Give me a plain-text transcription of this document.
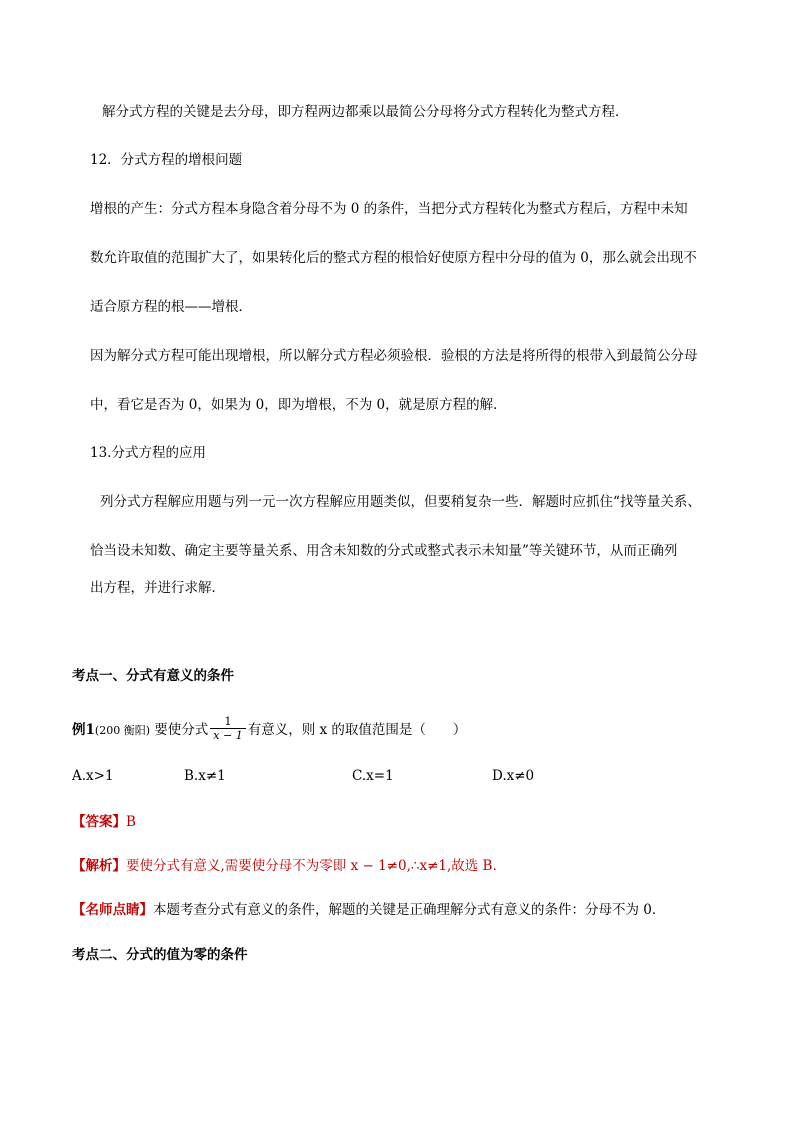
解分式方程的关键是去分母，即方程两边都乘以最简公分母将分式方程转化为整式方程．
12．分式方程的增根问题
增根的产生：分式方程本身隐含着分母不为 0 的条件，当把分式方程转化为整式方程后，方程中未知
数允许取值的范围扩大了，如果转化后的整式方程的根恰好使原方程中分母的值为 0，那么就会出现不
适合原方程的根——增根．
因为解分式方程可能出现增根，所以解分式方程必须验根．验根的方法是将所得的根带入到最简公分母
中，看它是否为 0，如果为 0，即为增根，不为 0，就是原方程的解．
13.分式方程的应用
列分式方程解应用题与列一元一次方程解应用题类似，但要稍复杂一些．解题时应抓住“找等量关系、
恰当设未知数、确定主要等量关系、用含未知数的分式或整式表示未知量”等关键环节，从而正确列
出方程，并进行求解．
考点一、分式有意义的条件
例1(200 衡阳) 要使分式 $\frac{1}{x - 1}$ 有意义，则 x 的取值范围是（　　）
A.x>1	B.x≠1	C.x=1	D.x≠0
【答案】B
【解析】要使分式有意义,需要使分母不为零即 x − 1≠0,∴x≠1,故选 B.
【名师点睛】本题考查分式有意义的条件，解题的关键是正确理解分式有意义的条件：分母不为 0．
考点二、分式的值为零的条件
